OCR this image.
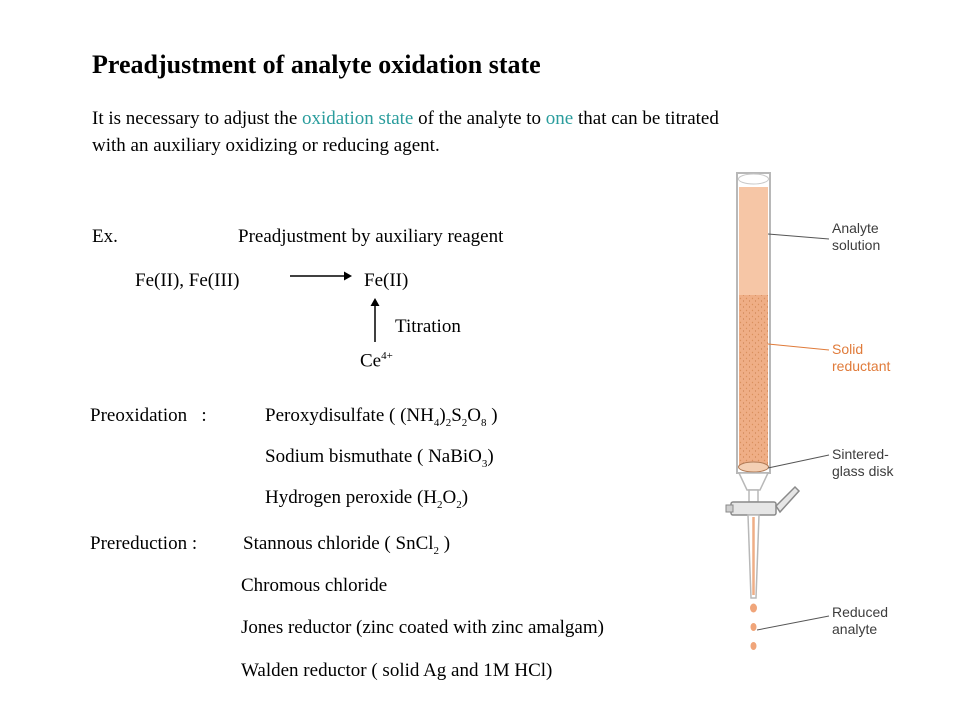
Preadjustment of analyte oxidation state
It is necessary to adjust the oxidation state of the analyte to one that can be titrated
with an auxiliary oxidizing or reducing agent.
Ex.	Preadjustment by auxiliary reagent
Fe(II), Fe(III)	→ Fe(II)
Titration
$Ce^{4+}$
Preoxidation   :	Peroxydisulfate ( $(NH_4)_2S_2O_8$ )
Sodium bismuthate ( NaBiO$_3$)
Hydrogen peroxide $(H_2O_2)$
Prereduction : Stannous chloride ( SnCl$_2$ )
Chromous chloride
Jones reductor (zinc coated with zinc amalgam)
Walden reductor ( solid Ag and 1M HCl)
Analyte
solution
Solid
reductant
Sintered-
glass disk
Reduced
analyte
